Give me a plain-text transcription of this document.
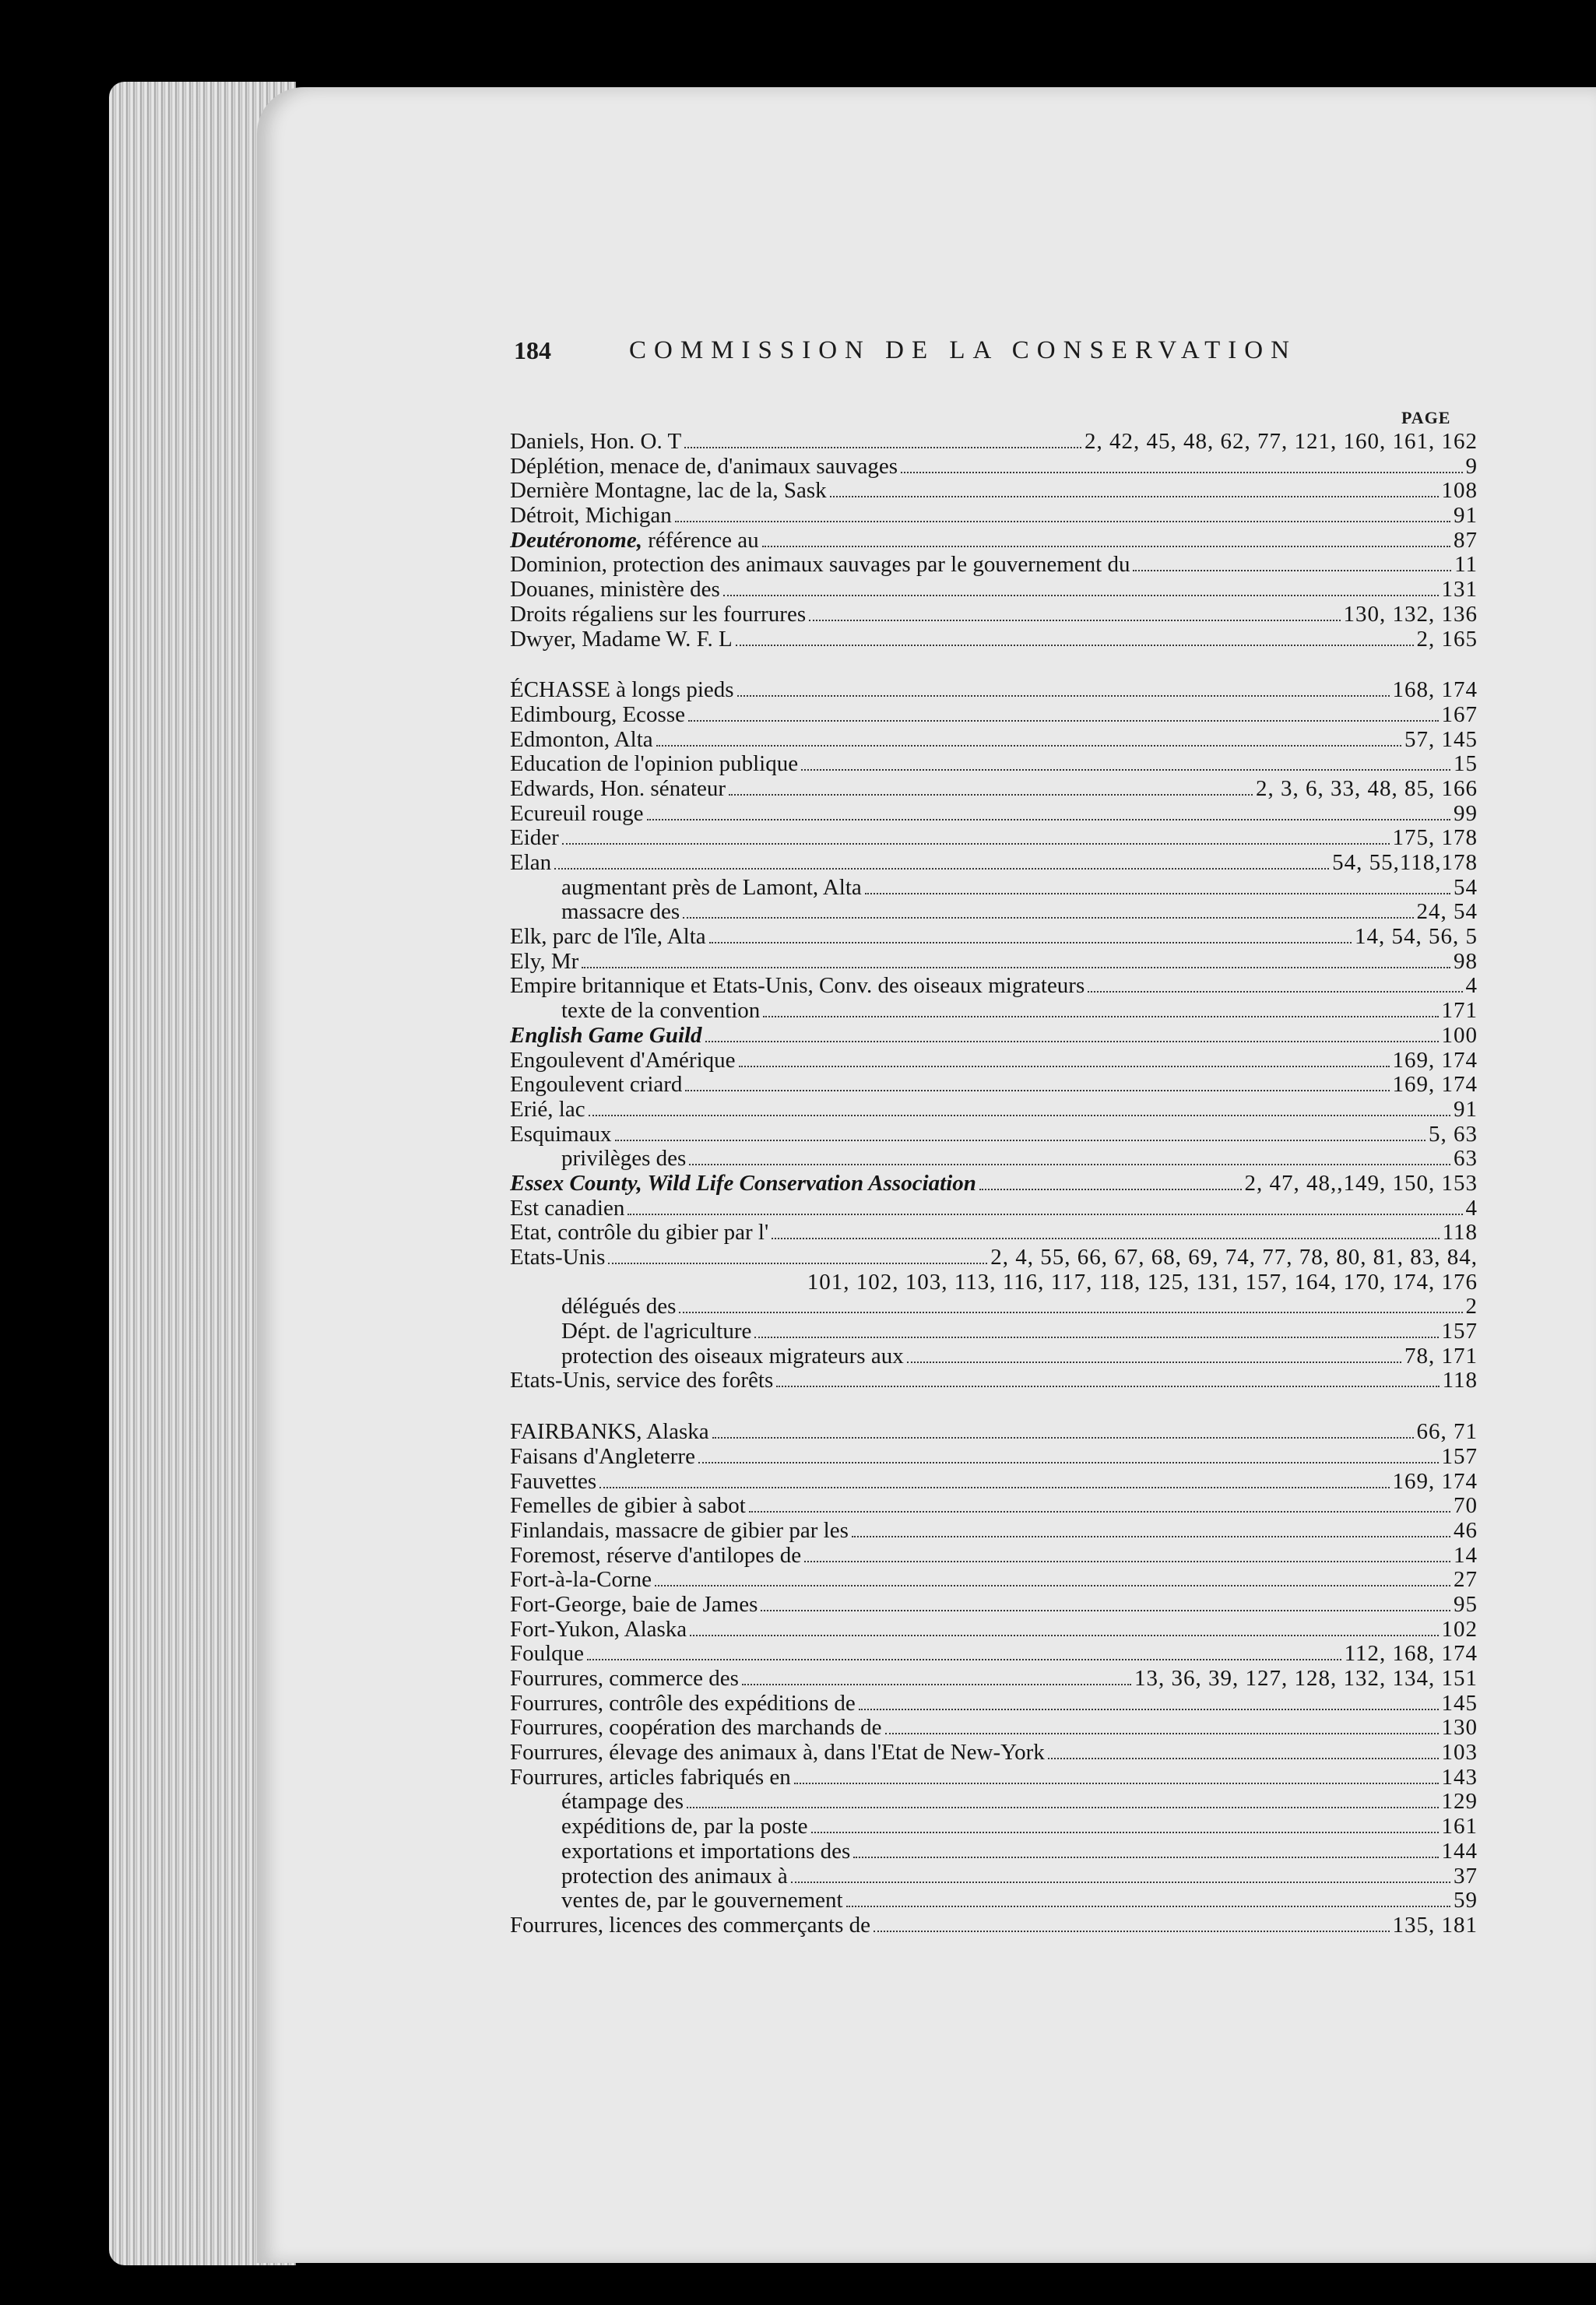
184	COMMISSION DE LA CONSERVATION
PAGE
Daniels, Hon. O. T	2, 42, 45, 48, 62, 77, 121, 160, 161, 162
Déplétion, menace de, d'animaux sauvages	9
Dernière Montagne, lac de la, Sask	108
Détroit, Michigan	91
Deutéronome, référence au	87
Dominion, protection des animaux sauvages par le gouvernement du	11
Douanes, ministère des	131
Droits régaliens sur les fourrures	130, 132, 136
Dwyer, Madame W. F. L	2, 165
ÉCHASSE à longs pieds	168, 174
Edimbourg, Ecosse	167
Edmonton, Alta	57, 145
Education de l'opinion publique	15
Edwards, Hon. sénateur	2, 3, 6, 33, 48, 85, 166
Ecureuil rouge	99
Eider	175, 178
Elan	54, 55,118,178
augmentant près de Lamont, Alta	54
massacre des	24, 54
Elk, parc de l'île, Alta	14, 54, 56, 5
Ely, Mr	98
Empire britannique et Etats-Unis, Conv. des oiseaux migrateurs	4
texte de la convention	171
English Game Guild	100
Engoulevent d'Amérique	169, 174
Engoulevent criard	169, 174
Erié, lac	91
Esquimaux	5, 63
privilèges des	63
Essex County, Wild Life Conservation Association	2, 47, 48,,149, 150, 153
Est canadien	4
Etat, contrôle du gibier par l'	118
Etats-Unis	2, 4, 55, 66, 67, 68, 69, 74, 77, 78, 80, 81, 83, 84,
101, 102, 103, 113, 116, 117, 118, 125, 131, 157, 164, 170, 174, 176
délégués des	2
Dépt. de l'agriculture	157
protection des oiseaux migrateurs aux	78, 171
Etats-Unis, service des forêts	118
FAIRBANKS, Alaska	66, 71
Faisans d'Angleterre	157
Fauvettes	169, 174
Femelles de gibier à sabot	70
Finlandais, massacre de gibier par les	46
Foremost, réserve d'antilopes de	14
Fort-à-la-Corne	27
Fort-George, baie de James	95
Fort-Yukon, Alaska	102
Foulque	112, 168, 174
Fourrures, commerce des	13, 36, 39, 127, 128, 132, 134, 151
Fourrures, contrôle des expéditions de	145
Fourrures, coopération des marchands de	130
Fourrures, élevage des animaux à, dans l'Etat de New-York	103
Fourrures, articles fabriqués en	143
étampage des	129
expéditions de, par la poste	161
exportations et importations des	144
protection des animaux à	37
ventes de, par le gouvernement	59
Fourrures, licences des commerçants de	135, 181
